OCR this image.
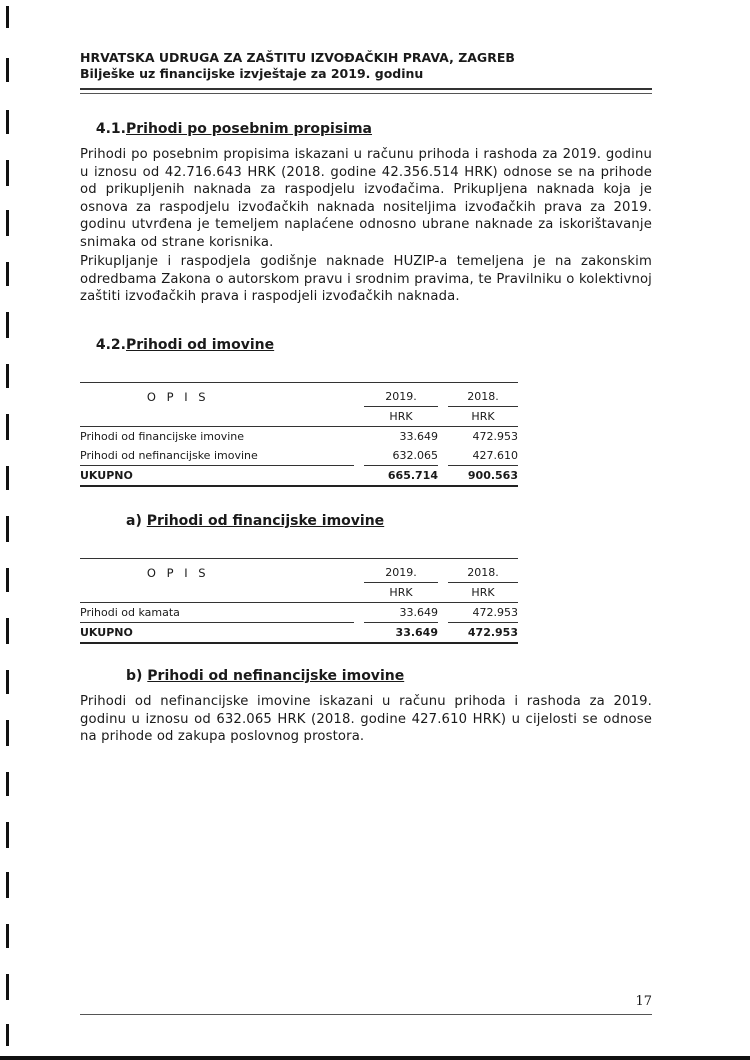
HRVATSKA UDRUGA ZA ZAŠTITU IZVOĐAČKIH PRAVA, ZAGREB

Bilješke uz financijske izvještaje za 2019. godinu

4.1.Prihodi po posebnim propisima

Prihodi po posebnim propisima iskazani u računu prihoda i rashoda za 2019. godinu u iznosu od 42.716.643 HRK (2018. godine 42.356.514 HRK) odnose se na prihode od prikupljenih naknada za raspodjelu izvođačima. Prikupljena naknada koja je osnova za raspodjelu izvođačkih naknada nositeljima izvođačkih prava za 2019. godinu utvrđena je temeljem naplaćene odnosno ubrane naknade za iskorištavanje snimaka od strane korisnika.

Prikupljanje i raspodjela godišnje naknade HUZIP-a temeljena je na zakonskim odredbama Zakona o autorskom pravu i srodnim pravima, te Pravilniku o kolektivnoj zaštiti izvođačkih prava i raspodjeli izvođačkih naknada.

4.2.Prihodi od imovine

O P I S			2019.		2018.
			HRK		HRK
Prihodi od financijske imovine			33.649		472.953
Prihodi od nefinancijske imovine			632.065		427.610
UKUPNO			665.714		900.563

a) Prihodi od financijske imovine

O P I S			2019.		2018.
			HRK		HRK
Prihodi od kamata			33.649		472.953
UKUPNO			33.649		472.953

b) Prihodi od nefinancijske imovine

Prihodi od nefinancijske imovine iskazani u računu prihoda i rashoda za 2019. godinu u iznosu od 632.065 HRK (2018. godine 427.610 HRK) u cijelosti se odnose na prihode od zakupa poslovnog prostora.

17
